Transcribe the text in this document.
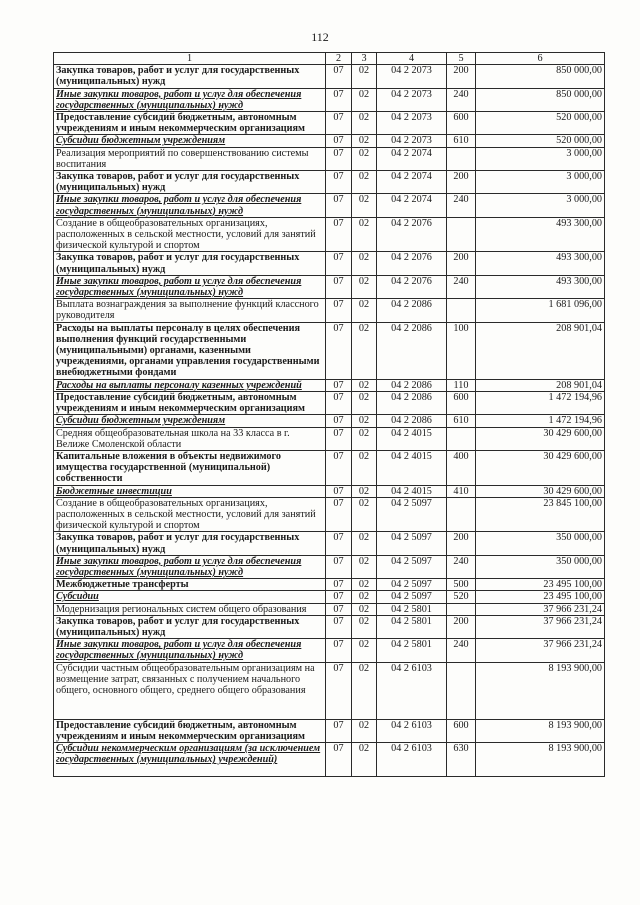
112
1	2	3	4	5	6
Закупка товаров, работ и услуг для государственных (муниципальных) нужд	07	02	04 2 2073	200	850 000,00
Иные закупки товаров, работ и услуг для обеспечения государственных (муниципальных) нужд	07	02	04 2 2073	240	850 000,00
Предоставление субсидий бюджетным, автономным учреждениям и иным некоммерческим организациям	07	02	04 2 2073	600	520 000,00
Субсидии бюджетным учреждениям	07	02	04 2 2073	610	520 000,00
Реализация мероприятий по совершенствованию системы воспитания	07	02	04 2 2074		3 000,00
Закупка товаров, работ и услуг для государственных (муниципальных) нужд	07	02	04 2 2074	200	3 000,00
Иные закупки товаров, работ и услуг для обеспечения государственных (муниципальных) нужд	07	02	04 2 2074	240	3 000,00
Создание в общеобразовательных организациях, расположенных в сельской местности, условий для занятий физической культурой и спортом	07	02	04 2 2076		493 300,00
Закупка товаров, работ и услуг для государственных (муниципальных) нужд	07	02	04 2 2076	200	493 300,00
Иные закупки товаров, работ и услуг для обеспечения государственных (муниципальных) нужд	07	02	04 2 2076	240	493 300,00
Выплата вознаграждения за выполнение функций классного руководителя	07	02	04 2 2086		1 681 096,00
Расходы на выплаты персоналу в целях обеспечения выполнения функций государственными (муниципальными) органами, казенными учреждениями, органами управления государственными внебюджетными фондами	07	02	04 2 2086	100	208 901,04
Расходы на выплаты персоналу казенных учреждений	07	02	04 2 2086	110	208 901,04
Предоставление субсидий бюджетным, автономным учреждениям и иным некоммерческим организациям	07	02	04 2 2086	600	1 472 194,96
Субсидии бюджетным учреждениям	07	02	04 2 2086	610	1 472 194,96
Средняя общеобразовательная школа на 33 класса в г. Велиже Смоленской области	07	02	04 2 4015		30 429 600,00
Капитальные вложения в объекты недвижимого имущества государственной (муниципальной) собственности	07	02	04 2 4015	400	30 429 600,00
Бюджетные инвестиции	07	02	04 2 4015	410	30 429 600,00
Создание в общеобразовательных организациях, расположенных в сельской местности, условий для занятий физической культурой и спортом	07	02	04 2 5097		23 845 100,00
Закупка товаров, работ и услуг для государственных (муниципальных) нужд	07	02	04 2 5097	200	350 000,00
Иные закупки товаров, работ и услуг для обеспечения государственных (муниципальных) нужд	07	02	04 2 5097	240	350 000,00
Межбюджетные трансферты	07	02	04 2 5097	500	23 495 100,00
Субсидии	07	02	04 2 5097	520	23 495 100,00
Модернизация региональных систем общего образования	07	02	04 2 5801		37 966 231,24
Закупка товаров, работ и услуг для государственных (муниципальных) нужд	07	02	04 2 5801	200	37 966 231,24
Иные закупки товаров, работ и услуг для обеспечения государственных (муниципальных) нужд	07	02	04 2 5801	240	37 966 231,24
Субсидии частным общеобразовательным организациям на возмещение затрат, связанных с получением начального общего, основного общего, среднего общего образования	07	02	04 2 6103		8 193 900,00
Предоставление субсидий бюджетным, автономным учреждениям и иным некоммерческим организациям	07	02	04 2 6103	600	8 193 900,00
Субсидии некоммерческим организациям (за исключением государственных (муниципальных) учреждений)	07	02	04 2 6103	630	8 193 900,00
